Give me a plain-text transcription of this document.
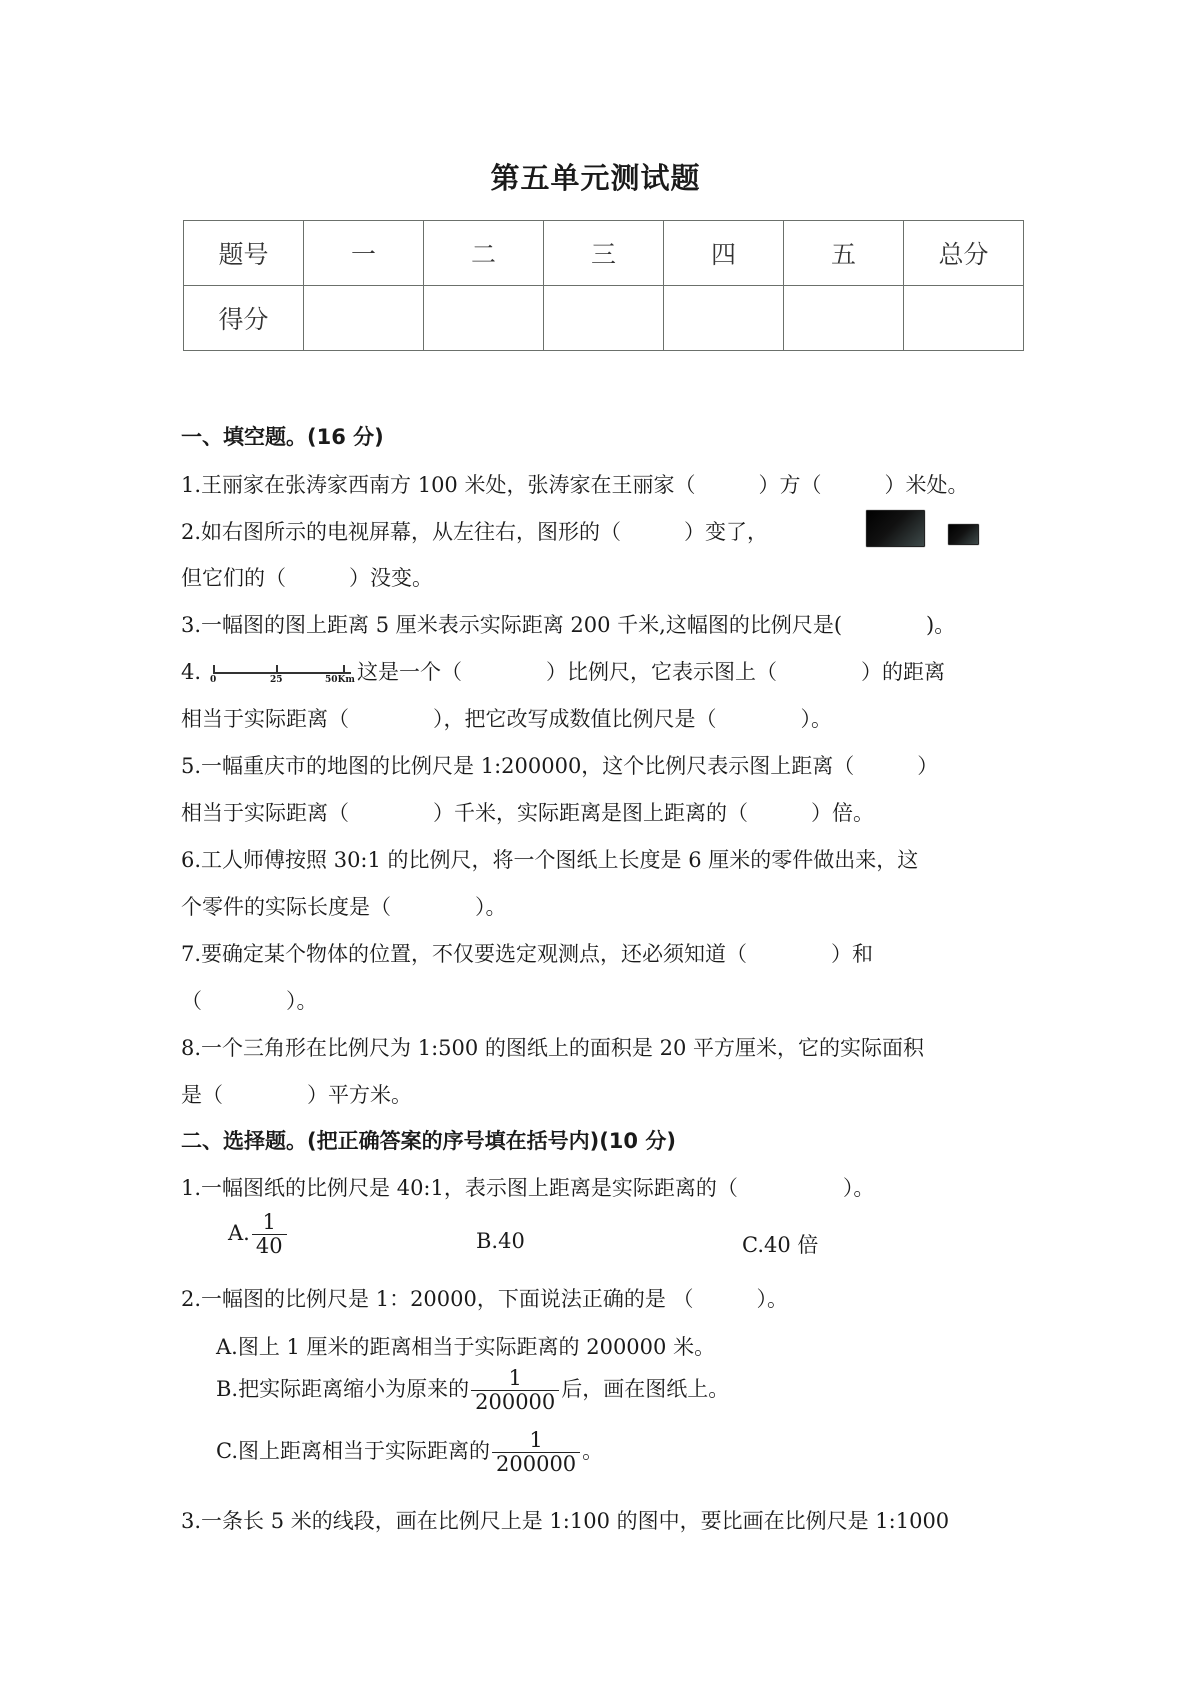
第五单元测试题
题号	一	二	三	四	五	总分
得分						
一、填空题。(16 分)
1.王丽家在张涛家西南方 100 米处，张涛家在王丽家（　　　）方（　　　）米处。
2.如右图所示的电视屏幕，从左往右，图形的（　　　）变了，
但它们的（　　　）没变。
3.一幅图的图上距离 5 厘米表示实际距离 200 千米,这幅图的比例尺是(　　　　)。
4. 0	25	50Km 这是一个（　　　　）比例尺，它表示图上（　　　　）的距离
相当于实际距离（　　　　），把它改写成数值比例尺是（　　　　）。
5.一幅重庆市的地图的比例尺是 1:200000，这个比例尺表示图上距离（　　　）
相当于实际距离（　　　　）千米，实际距离是图上距离的（　　　）倍。
6.工人师傅按照 30:1 的比例尺，将一个图纸上长度是 6 厘米的零件做出来，这
个零件的实际长度是（　　　　）。
7.要确定某个物体的位置，不仅要选定观测点，还必须知道（　　　　）和
（　　　　）。
8.一个三角形在比例尺为 1:500 的图纸上的面积是 20 平方厘米，它的实际面积
是（　　　　）平方米。
二、选择题。(把正确答案的序号填在括号内)(10 分)
1.一幅图纸的比例尺是 40:1，表示图上距离是实际距离的（　　　　　）。
A. $\frac{1}{40}$	B.40	C.40 倍
2.一幅图的比例尺是 1：20000，下面说法正确的是 （　　　）。
A.图上 1 厘米的距离相当于实际距离的 200000 米。
B.把实际距离缩小为原来的 $\frac{1}{200000}$ 后，画在图纸上。
C.图上距离相当于实际距离的 $\frac{1}{200000}$ 。
3.一条长 5 米的线段，画在比例尺上是 1:100 的图中，要比画在比例尺是 1:1000
